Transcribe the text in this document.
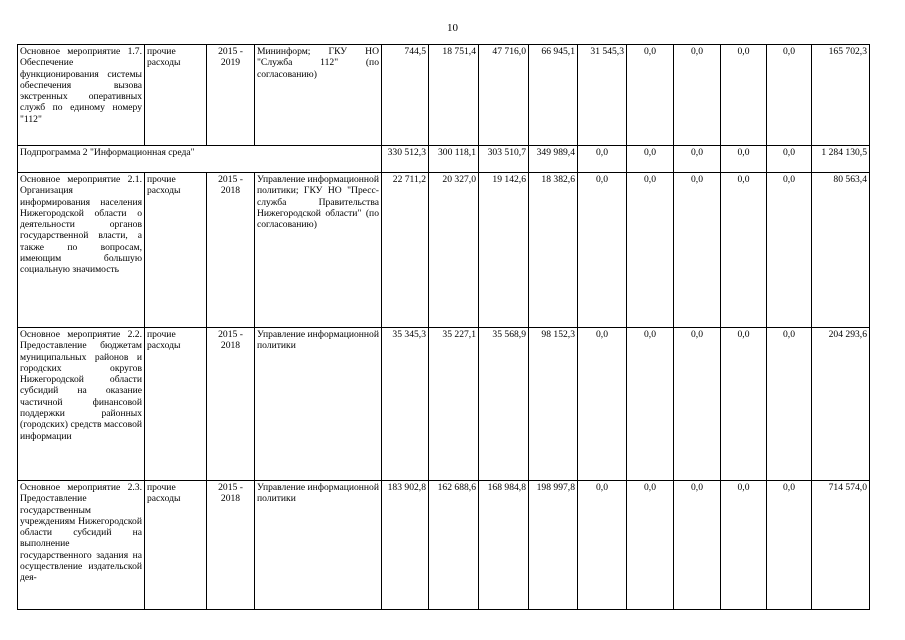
10
Основное мероприятие 1.7. Обеспечение функционирования системы обеспечения вызова экстренных оперативных служб по единому номеру "112"	прочие расходы	2015 - 2019	Мининформ; ГКУ НО "Служба 112" (по согласованию)	744,5	18 751,4	47 716,0	66 945,1	31 545,3	0,0	0,0	0,0	0,0	165 702,3
Подпрограмма 2 "Информационная среда"				330 512,3	300 118,1	303 510,7	349 989,4	0,0	0,0	0,0	0,0	0,0	1 284 130,5
Основное мероприятие 2.1. Организация информирования населения Нижегородской области о деятельности органов государственной власти, а также по вопросам, имеющим большую социальную значимость	прочие расходы	2015 - 2018	Управление информационной политики; ГКУ НО "Пресс-служба Правительства Нижегородской области" (по согласованию)	22 711,2	20 327,0	19 142,6	18 382,6	0,0	0,0	0,0	0,0	0,0	80 563,4
Основное мероприятие 2.2. Предоставление бюджетам муниципальных районов и городских округов Нижегородской области субсидий на оказание частичной финансовой поддержки районных (городских) средств массовой информации	прочие расходы	2015 - 2018	Управление информационной политики	35 345,3	35 227,1	35 568,9	98 152,3	0,0	0,0	0,0	0,0	0,0	204 293,6
Основное мероприятие 2.3. Предоставление государственным учреждениям Нижегородской области субсидий на выполнение государственного задания на осуществление издательской дея-	прочие расходы	2015 - 2018	Управление информационной политики	183 902,8	162 688,6	168 984,8	198 997,8	0,0	0,0	0,0	0,0	0,0	714 574,0
